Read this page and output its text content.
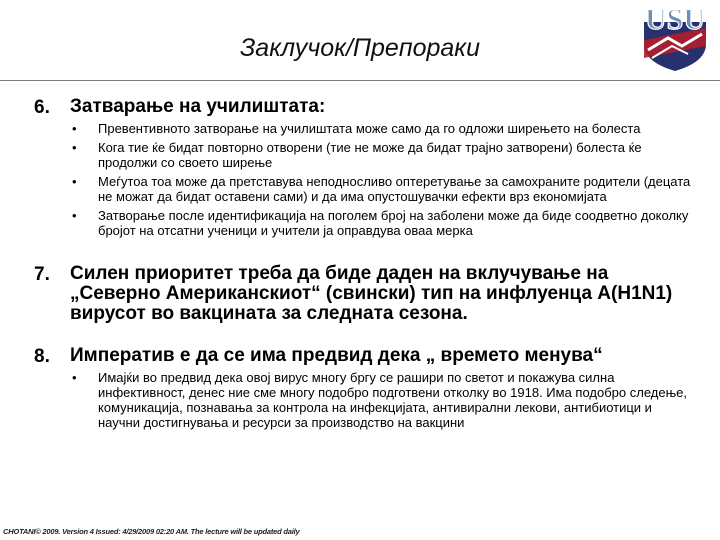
Заклучок/Препораки
USU
6. Затварање на училиштата:
• Превентивното затворање на училиштата може само да го одложи ширењето на болеста
• Кога тие ќе бидат повторно отворени (тие не може да бидат трајно затворени) болеста ќе продолжи со своето ширење
• Меѓутоа тоа може да претставува неподносливо оптеретување за самохраните родители (децата не можат да бидат оставени сами) и да има опустошувачки ефекти врз економијата
• Затворање после идентификација на поголем број на заболени може да биде соодветно доколку бројот на отсатни ученици и учители ја оправдува оваа мерка
7. Силен приоритет треба да биде даден на вклучување на „Северно Американскиот“ (свински) тип на инфлуенца А(H1N1) вирусот во вакцината за следната сезона.
8. Императив е да се има предвид дека „ времето менува“
• Имајќи во предвид дека овој вирус многу бргу се рашири по светот и покажува силна инфективност, денес ние сме многу подобро подготвени отколку во 1918. Има подобро следење, комуникација, познавања за контрола на инфекцијата, антивирални лекови, антибиотици и научни достигнувања и ресурси за производство на вакцини
CHOTANI© 2009. Version 4 Issued: 4/29/2009 02:20 AM. The lecture will be updated daily
